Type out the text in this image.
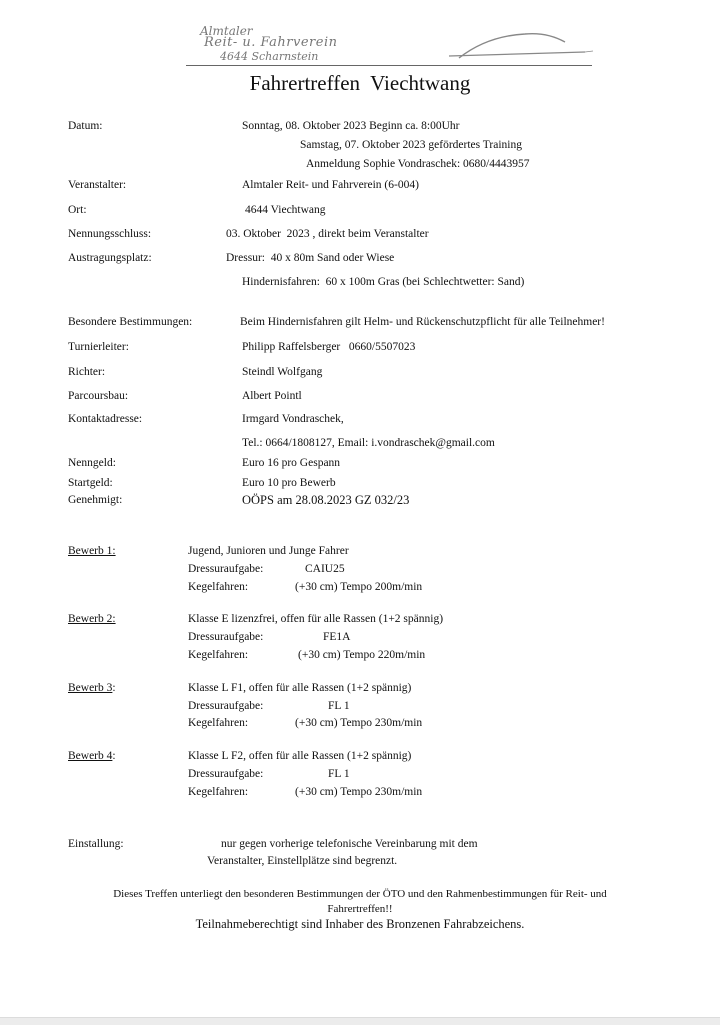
Almtaler
Reit- u. Fahrverein
4644 Scharnstein
Fahrertreffen  Viechtwang
Datum:	Sonntag, 08. Oktober 2023 Beginn ca. 8:00Uhr
Samstag, 07. Oktober 2023 gefördertes Training
Anmeldung Sophie Vondraschek: 0680/4443957
Veranstalter:	Almtaler Reit- und Fahrverein (6-004)
Ort:	4644 Viechtwang
Nennungsschluss:	03. Oktober  2023 , direkt beim Veranstalter
Austragungsplatz:	Dressur:  40 x 80m Sand oder Wiese
Hindernisfahren:  60 x 100m Gras (bei Schlechtwetter: Sand)
Besondere Bestimmungen:	Beim Hindernisfahren gilt Helm- und Rückenschutzpflicht für alle Teilnehmer!
Turnierleiter:	Philipp Raffelsberger   0660/5507023
Richter:	Steindl Wolfgang
Parcoursbau:	Albert Pointl
Kontaktadresse:	Irmgard Vondraschek,
Tel.: 0664/1808127, Email: i.vondraschek@gmail.com
Nenngeld:	Euro 16 pro Gespann
Startgeld:	Euro 10 pro Bewerb
Genehmigt:	OÖPS am 28.08.2023 GZ 032/23
Bewerb 1:	Jugend, Junioren und Junge Fahrer
Dressuraufgabe:	CAIU25
Kegelfahren:	(+30 cm) Tempo 200m/min
Bewerb 2:	Klasse E lizenzfrei, offen für alle Rassen (1+2 spännig)
Dressuraufgabe:	FE1A
Kegelfahren:	(+30 cm) Tempo 220m/min
Bewerb 3:	Klasse L F1, offen für alle Rassen (1+2 spännig)
Dressuraufgabe:	FL 1
Kegelfahren:	(+30 cm) Tempo 230m/min
Bewerb 4:	Klasse L F2, offen für alle Rassen (1+2 spännig)
Dressuraufgabe:	FL 1
Kegelfahren:	(+30 cm) Tempo 230m/min
Einstallung:	nur gegen vorherige telefonische Vereinbarung mit dem
Veranstalter, Einstellplätze sind begrenzt.
Dieses Treffen unterliegt den besonderen Bestimmungen der ÖTO und den Rahmenbestimmungen für Reit- und
Fahrertreffen!!
Teilnahmeberechtigt sind Inhaber des Bronzenen Fahrabzeichens.
